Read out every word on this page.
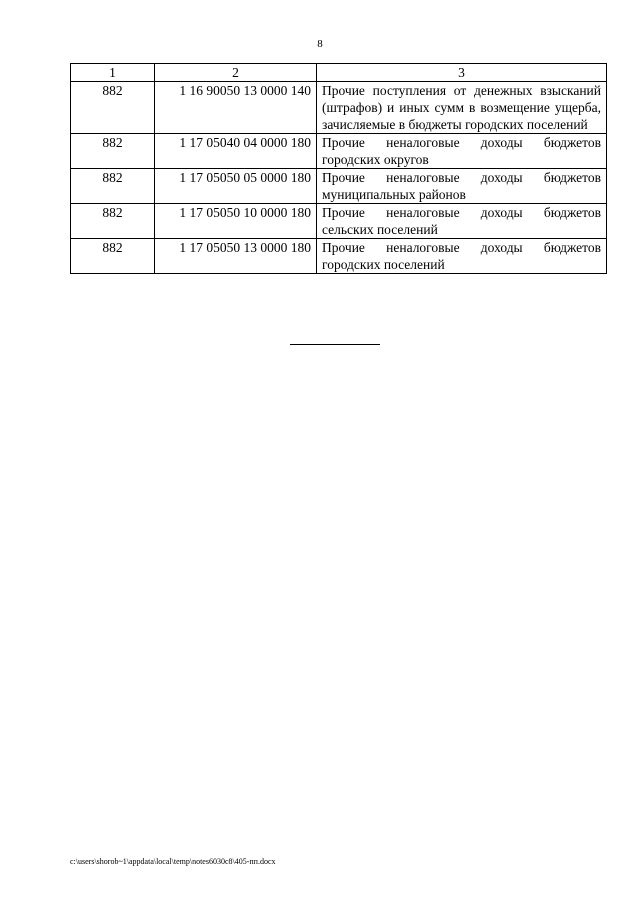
8
1	2	3
882	1 16 90050 13 0000 140	Прочие поступления от денежных взысканий (штрафов) и иных сумм в возмещение ущерба, зачисляемые в бюджеты городских поселений
882	1 17 05040 04 0000 180	Прочие неналоговые доходы бюджетов городских округов
882	1 17 05050 05 0000 180	Прочие неналоговые доходы бюджетов муниципальных районов
882	1 17 05050 10 0000 180	Прочие неналоговые доходы бюджетов сельских поселений
882	1 17 05050 13 0000 180	Прочие неналоговые доходы бюджетов городских поселений
c:\users\shorob~1\appdata\local\temp\notes6030c8\405-пп.docx
